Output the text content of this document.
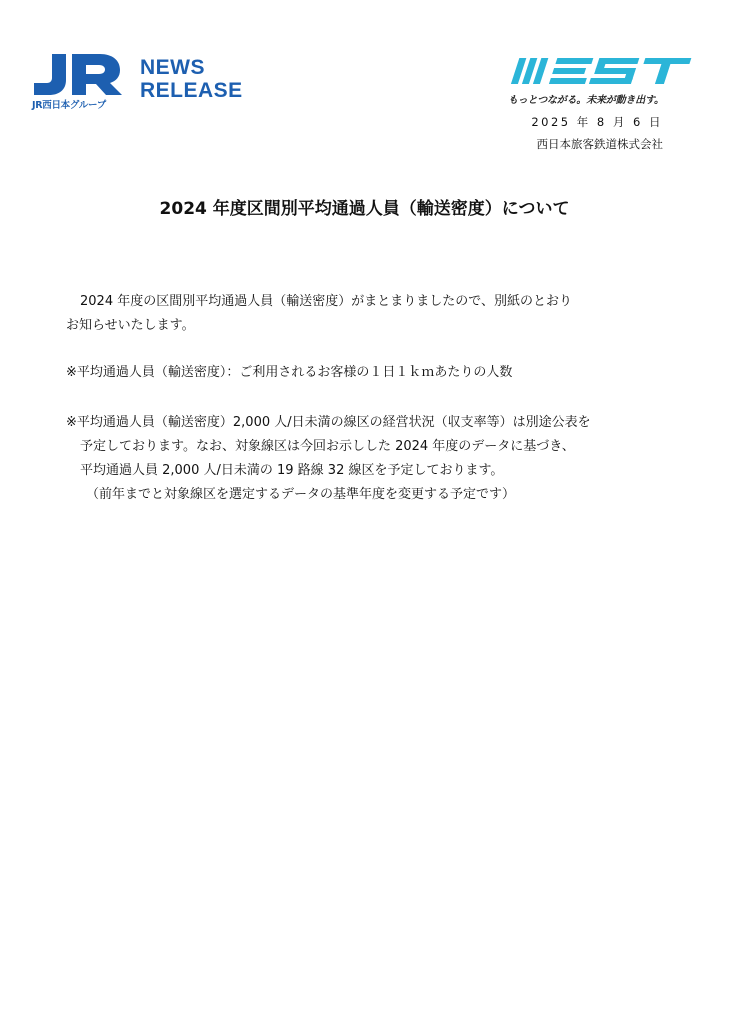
JR西日本グループ
NEWS
RELEASE	もっとつながる。未来が動き出す。
2025 年 8 月 6 日
西日本旅客鉄道株式会社
2024 年度区間別平均通過人員（輸送密度）について
2024 年度の区間別平均通過人員（輸送密度）がまとまりましたので、別紙のとおり
お知らせいたします。
※平均通過人員（輸送密度）：ご利用されるお客様の１日１ｋｍあたりの人数
※平均通過人員（輸送密度）2,000 人/日未満の線区の経営状況（収支率等）は別途公表を
予定しております。なお、対象線区は今回お示しした 2024 年度のデータに基づき、
平均通過人員 2,000 人/日未満の 19 路線 32 線区を予定しております。
（前年までと対象線区を選定するデータの基準年度を変更する予定です）
